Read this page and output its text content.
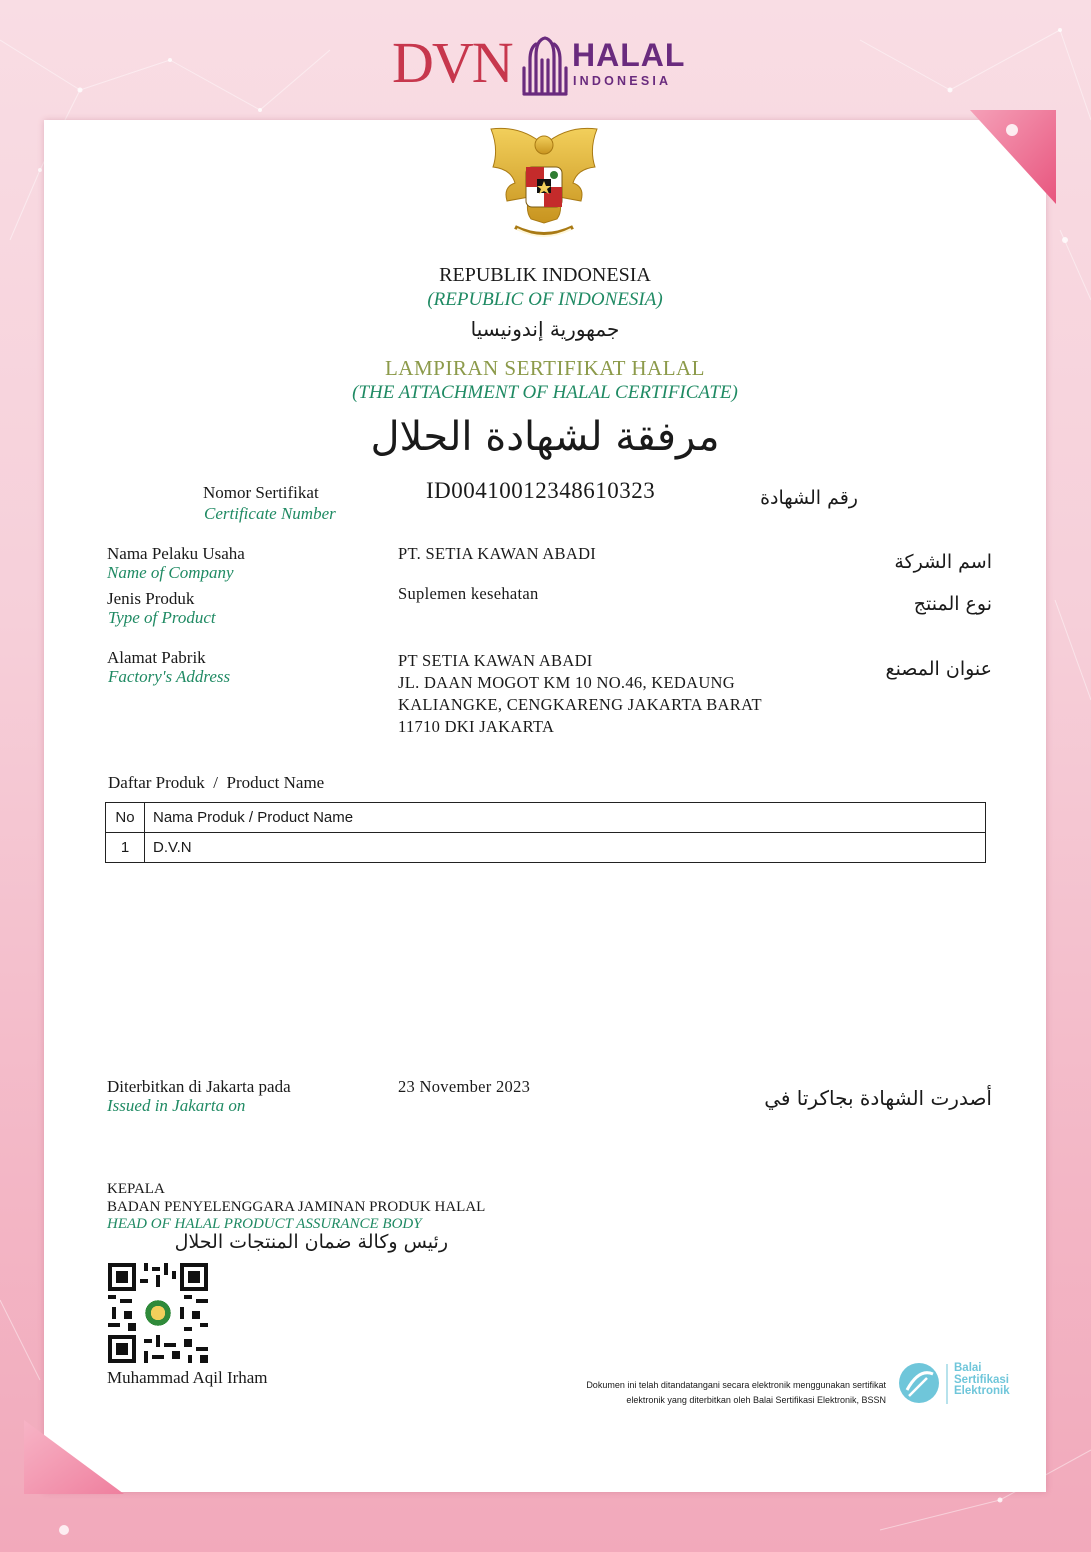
DVN HALAL
INDONESIA
REPUBLIK INDONESIA
(REPUBLIC OF INDONESIA)
جمهورية إندونيسيا
LAMPIRAN SERTIFIKAT HALAL
(THE ATTACHMENT OF HALAL CERTIFICATE)
مرفقة لشهادة الحلال
Nomor Sertifikat
Certificate Number
ID00410012348610323	رقم الشهادة
Nama Pelaku Usaha
Name of Company
PT. SETIA KAWAN ABADI	اسم الشركة
Jenis Produk
Type of Product
Suplemen kesehatan	نوع المنتج
Alamat Pabrik
Factory's Address
PT SETIA KAWAN ABADI
JL. DAAN MOGOT KM 10 NO.46, KEDAUNG
KALIANGKE, CENGKARENG JAKARTA BARAT
11710 DKI JAKARTA
عنوان المصنع
Daftar Produk  /  Product Name
No	Nama Produk / Product Name
1	D.V.N
Diterbitkan di Jakarta pada
Issued in Jakarta on
23 November 2023	أصدرت الشهادة بجاكرتا في
KEPALA
BADAN PENYELENGGARA JAMINAN PRODUK HALAL
HEAD OF HALAL PRODUCT ASSURANCE BODY
رئيس وكالة ضمان المنتجات الحلال
Muhammad Aqil Irham	Dokumen ini telah ditandatangani secara elektronik menggunakan sertifikat
elektronik yang diterbitkan oleh Balai Sertifikasi Elektronik, BSSN
Balai
Sertifikasi
Elektronik
